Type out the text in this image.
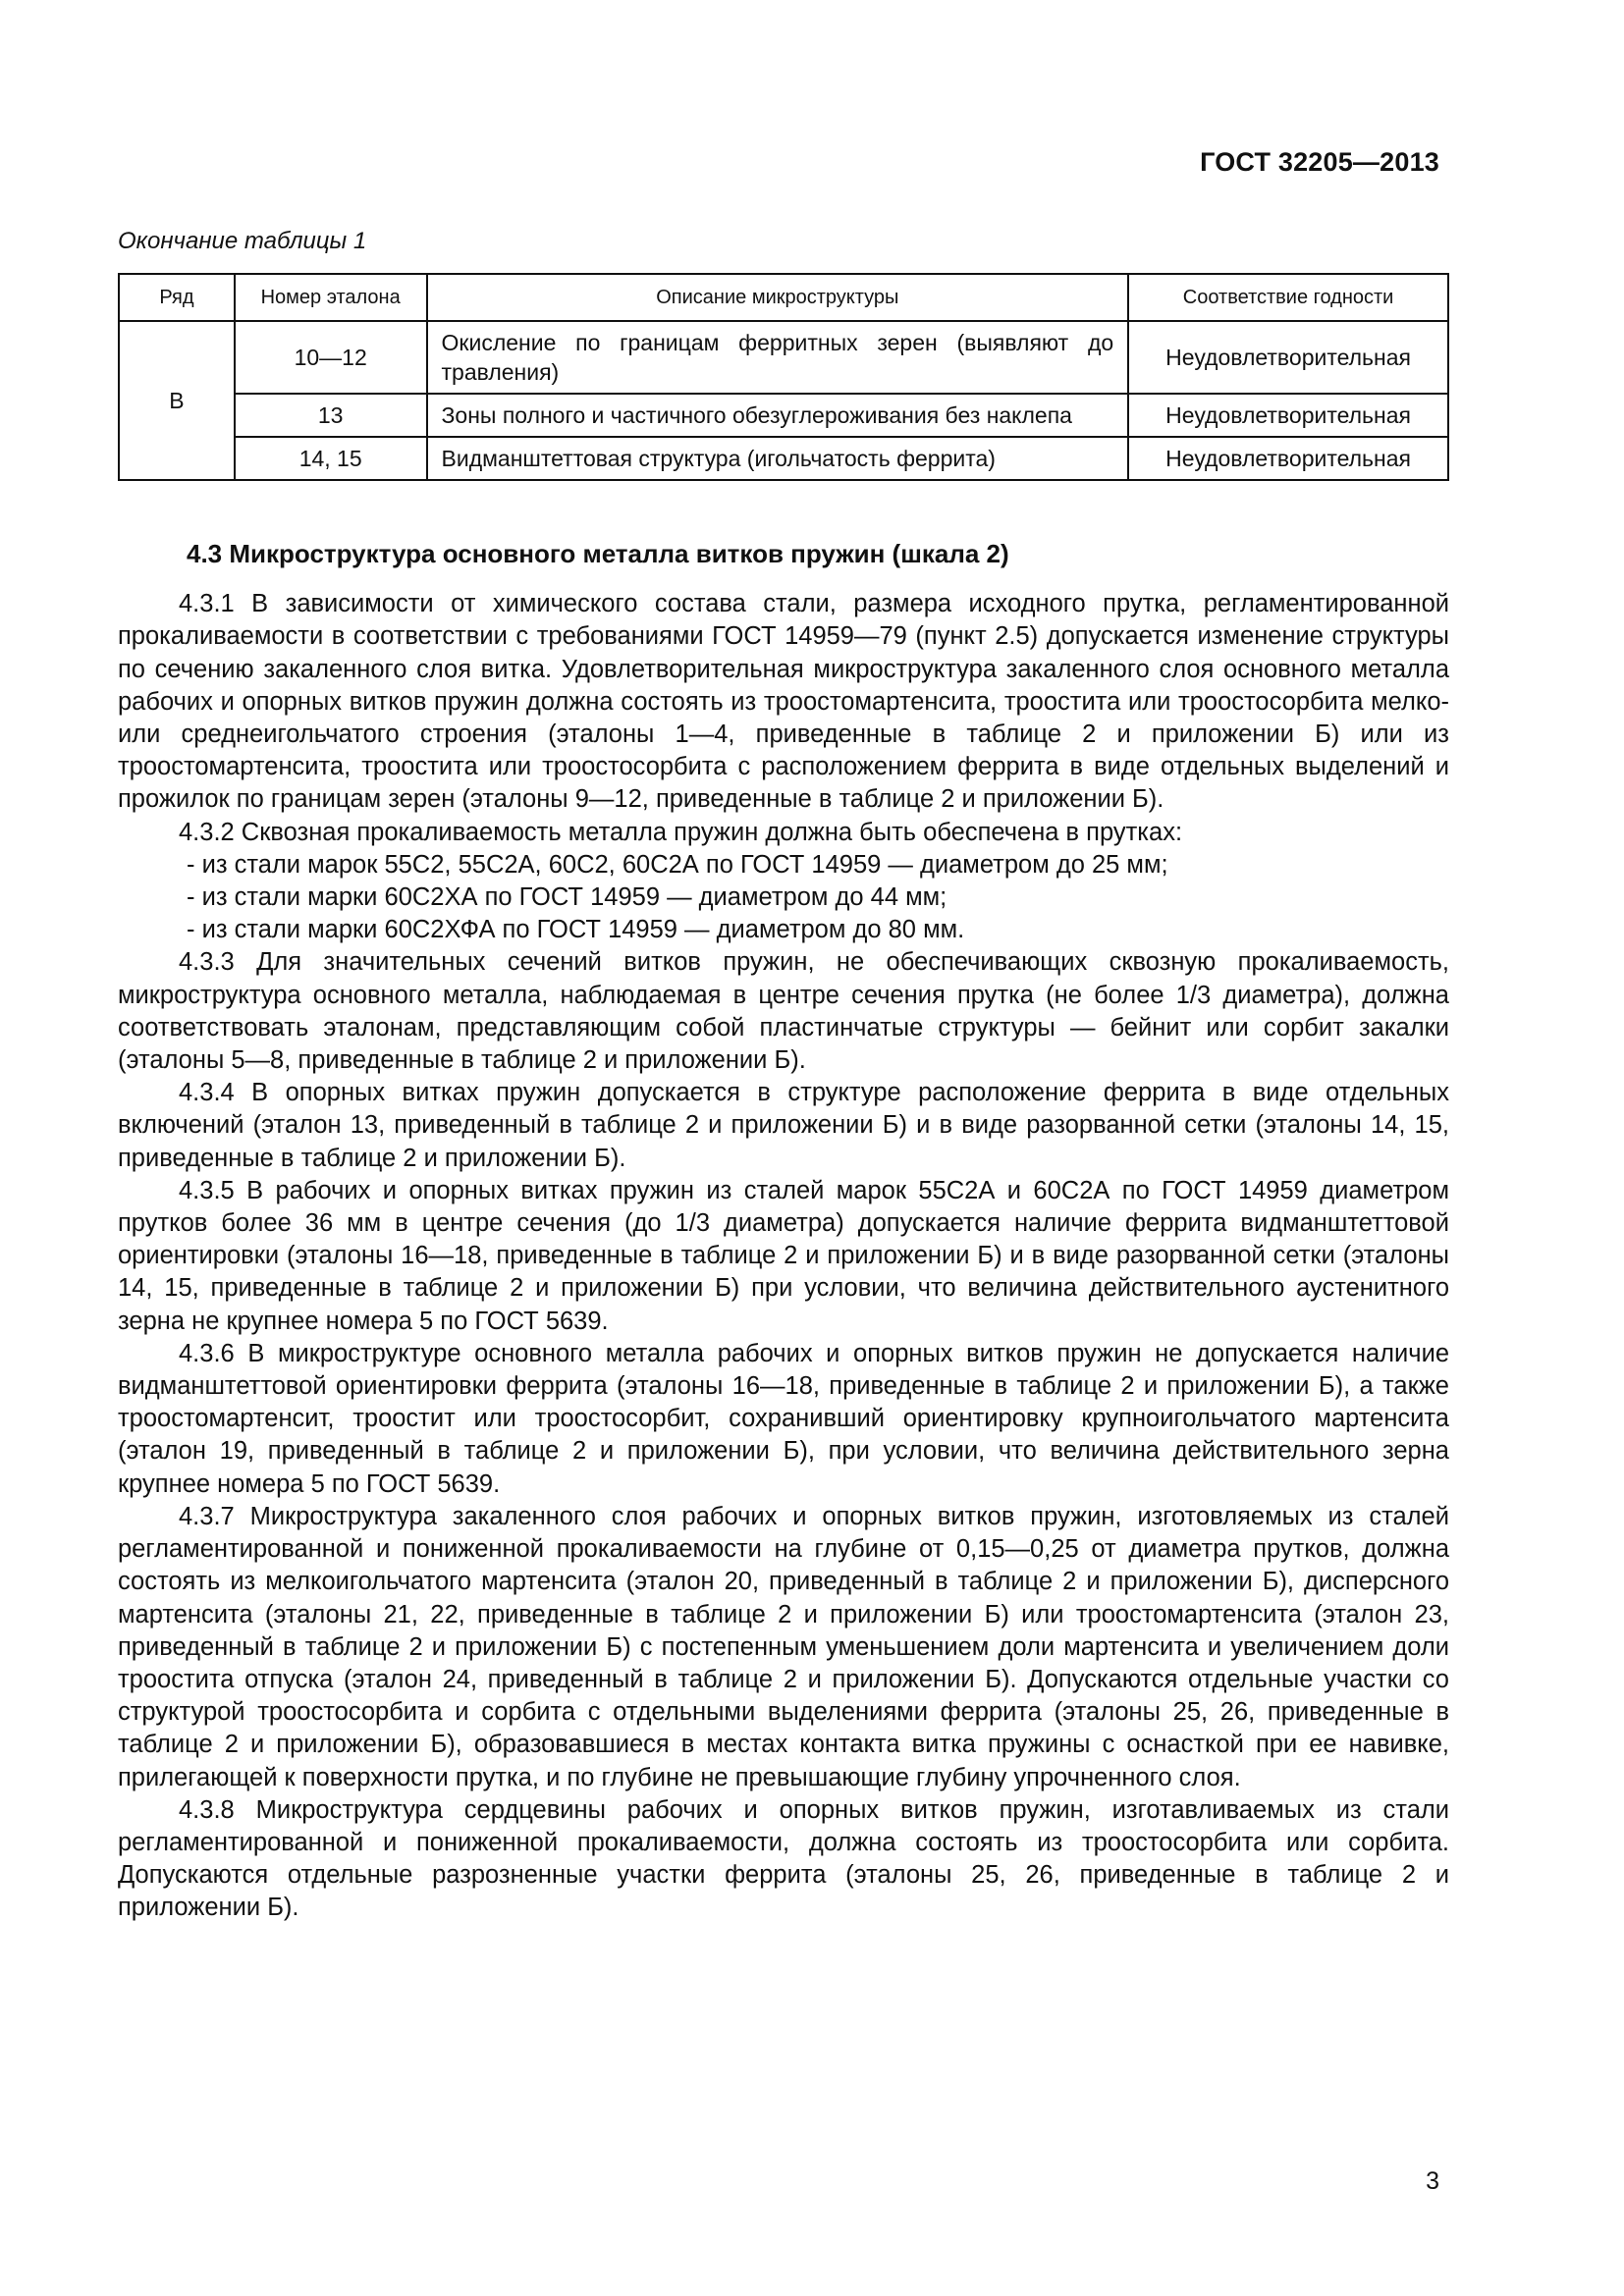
ГОСТ 32205—2013
Окончание таблицы 1
Ряд	Номер эталона	Описание микроструктуры	Соответствие годности
В	10—12	Окисление по границам ферритных зерен (выявляют до травления)	Неудовлетворительная
	13	Зоны полного и частичного обезуглероживания без наклепа	Неудовлетворительная
	14, 15	Видманштеттовая структура (игольчатость феррита)	Неудовлетворительная

4.3 Микроструктура основного металла витков пружин (шкала 2)

4.3.1 В зависимости от химического состава стали, размера исходного прутка, регламентированной прокаливаемости в соответствии с требованиями ГОСТ 14959—79 (пункт 2.5) допускается изменение структуры по сечению закаленного слоя витка. Удовлетворительная микроструктура закаленного слоя основного металла рабочих и опорных витков пружин должна состоять из троостомартенсита, троостита или троостосорбита мелко- или среднеигольчатого строения (эталоны 1—4, приведенные в таблице 2 и приложении Б) или из троостомартенсита, троостита или троостосорбита с расположением феррита в виде отдельных выделений и прожилок по границам зерен (эталоны 9—12, приведенные в таблице 2 и приложении Б).

4.3.2 Сквозная прокаливаемость металла пружин должна быть обеспечена в прутках:

- из стали марок 55С2, 55С2А, 60С2, 60С2А по ГОСТ 14959 — диаметром до 25 мм;

- из стали марки 60С2ХА по ГОСТ 14959 — диаметром до 44 мм;

- из стали марки 60С2ХФА по ГОСТ 14959 — диаметром до 80 мм.

4.3.3 Для значительных сечений витков пружин, не обеспечивающих сквозную прокаливаемость, микроструктура основного металла, наблюдаемая в центре сечения прутка (не более 1/3 диаметра), должна соответствовать эталонам, представляющим собой пластинчатые структуры — бейнит или сорбит закалки (эталоны 5—8, приведенные в таблице 2 и приложении Б).

4.3.4 В опорных витках пружин допускается в структуре расположение феррита в виде отдельных включений (эталон 13, приведенный в таблице 2 и приложении Б) и в виде разорванной сетки (эталоны 14, 15, приведенные в таблице 2 и приложении Б).

4.3.5 В рабочих и опорных витках пружин из сталей марок 55С2А и 60С2А по ГОСТ 14959 диаметром прутков более 36 мм в центре сечения (до 1/3 диаметра) допускается наличие феррита видманштеттовой ориентировки (эталоны 16—18, приведенные в таблице 2 и приложении Б) и в виде разорванной сетки (эталоны 14, 15, приведенные в таблице 2 и приложении Б) при условии, что величина действительного аустенитного зерна не крупнее номера 5 по ГОСТ 5639.

4.3.6 В микроструктуре основного металла рабочих и опорных витков пружин не допускается наличие видманштеттовой ориентировки феррита (эталоны 16—18, приведенные в таблице 2 и приложении Б), а также троостомартенсит, троостит или троостосорбит, сохранивший ориентировку крупноигольчатого мартенсита (эталон 19, приведенный в таблице 2 и приложении Б), при условии, что величина действительного зерна крупнее номера 5 по ГОСТ 5639.

4.3.7 Микроструктура закаленного слоя рабочих и опорных витков пружин, изготовляемых из сталей регламентированной и пониженной прокаливаемости на глубине от 0,15—0,25 от диаметра прутков, должна состоять из мелкоигольчатого мартенсита (эталон 20, приведенный в таблице 2 и приложении Б), дисперсного мартенсита (эталоны 21, 22, приведенные в таблице 2 и приложении Б) или троостомартенсита (эталон 23, приведенный в таблице 2 и приложении Б) с постепенным уменьшением доли мартенсита и увеличением доли троостита отпуска (эталон 24, приведенный в таблице 2 и приложении Б). Допускаются отдельные участки со структурой троостосорбита и сорбита с отдельными выделениями феррита (эталоны 25, 26, приведенные в таблице 2 и приложении Б), образовавшиеся в местах контакта витка пружины с оснасткой при ее навивке, прилегающей к поверхности прутка, и по глубине не превышающие глубину упрочненного слоя.

4.3.8 Микроструктура сердцевины рабочих и опорных витков пружин, изготавливаемых из стали регламентированной и пониженной прокаливаемости, должна состоять из троостосорбита или сорбита. Допускаются отдельные разрозненные участки феррита (эталоны 25, 26, приведенные в таблице 2 и приложении Б).

3
